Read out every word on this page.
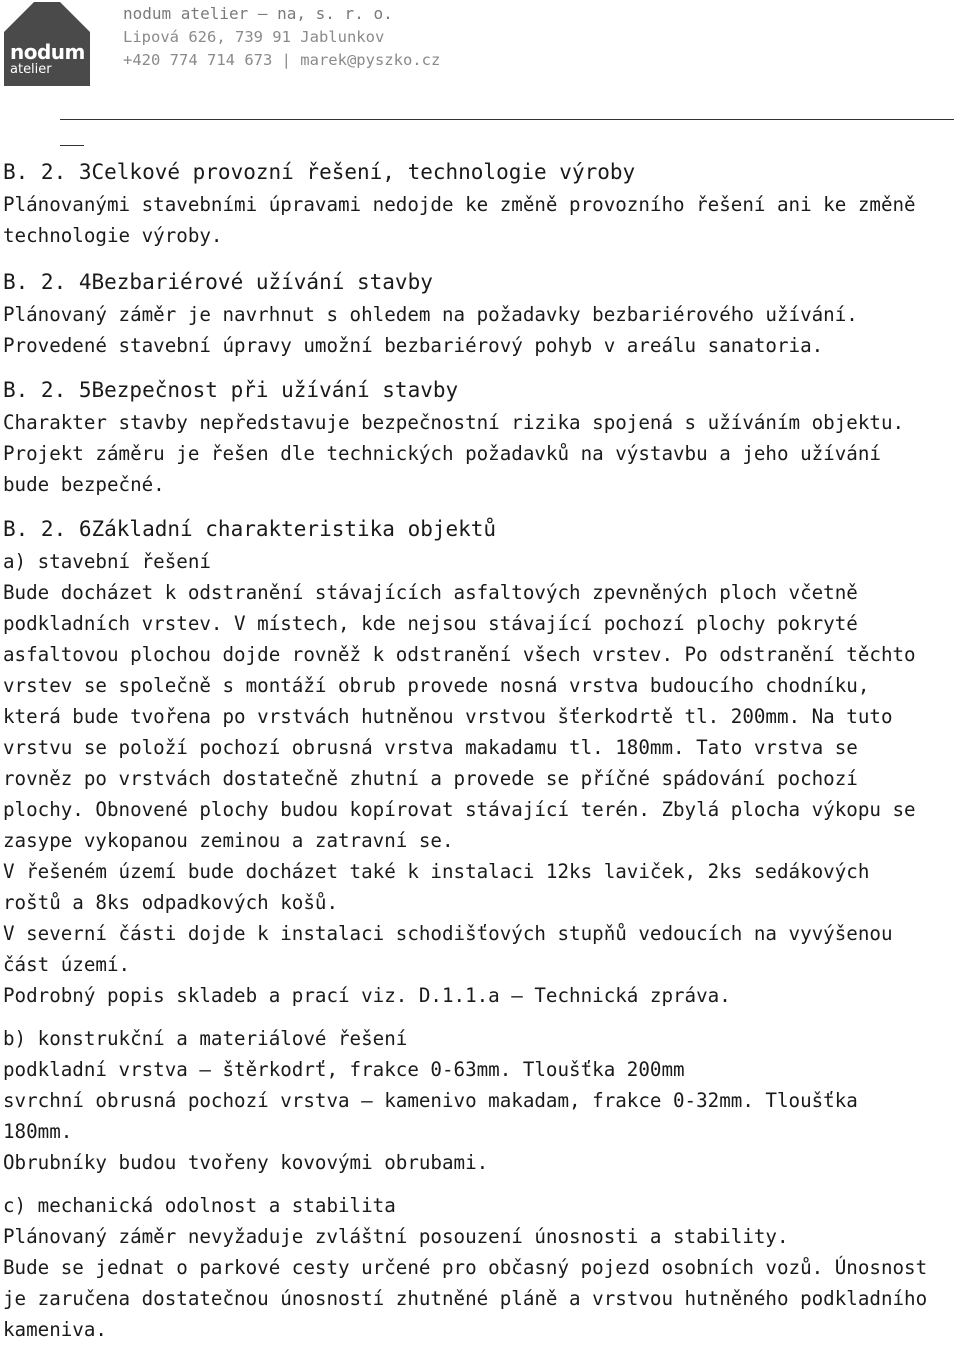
nodum
atelier
nodum atelier – na, s. r. o.
Lipová 626, 739 91 Jablunkov
+420 774 714 673 | marek@pyszko.cz
B. 2. 3Celkové provozní řešení, technologie výroby
Plánovanými stavebními úpravami nedojde ke změně provozního řešení ani ke změně
technologie výroby.
B. 2. 4Bezbariérové užívání stavby
Plánovaný záměr je navrhnut s ohledem na požadavky bezbariérového užívání.
Provedené stavební úpravy umožní bezbariérový pohyb v areálu sanatoria.
B. 2. 5Bezpečnost při užívání stavby
Charakter stavby nepředstavuje bezpečnostní rizika spojená s užíváním objektu.
Projekt záměru je řešen dle technických požadavků na výstavbu a jeho užívání
bude bezpečné.
B. 2. 6Základní charakteristika objektů
a) stavební řešení
Bude docházet k odstranění stávajících asfaltových zpevněných ploch včetně
podkladních vrstev. V místech, kde nejsou stávající pochozí plochy pokryté
asfaltovou plochou dojde rovněž k odstranění všech vrstev. Po odstranění těchto
vrstev se společně s montáží obrub provede nosná vrstva budoucího chodníku,
která bude tvořena po vrstvách hutněnou vrstvou šťerkodrtě tl. 200mm. Na tuto
vrstvu se položí pochozí obrusná vrstva makadamu tl. 180mm. Tato vrstva se
rovněz po vrstvách dostatečně zhutní a provede se příčné spádování pochozí
plochy. Obnovené plochy budou kopírovat stávající terén. Zbylá plocha výkopu se
zasype vykopanou zeminou a zatravní se.
V řešeném území bude docházet také k instalaci 12ks laviček, 2ks sedákových
roštů a 8ks odpadkových košů.
V severní části dojde k instalaci schodišťových stupňů vedoucích na vyvýšenou
část území.
Podrobný popis skladeb a prací viz. D.1.1.a – Technická zpráva.
b) konstrukční a materiálové řešení
podkladní vrstva – štěrkodrť, frakce 0-63mm. Tloušťka 200mm
svrchní obrusná pochozí vrstva – kamenivo makadam, frakce 0-32mm. Tloušťka
180mm.
Obrubníky budou tvořeny kovovými obrubami.
c) mechanická odolnost a stabilita
Plánovaný záměr nevyžaduje zvláštní posouzení únosnosti a stability.
Bude se jednat o parkové cesty určené pro občasný pojezd osobních vozů. Únosnost
je zaručena dostatečnou únosností zhutněné pláně a vrstvou hutněného podkladního
kameniva.
